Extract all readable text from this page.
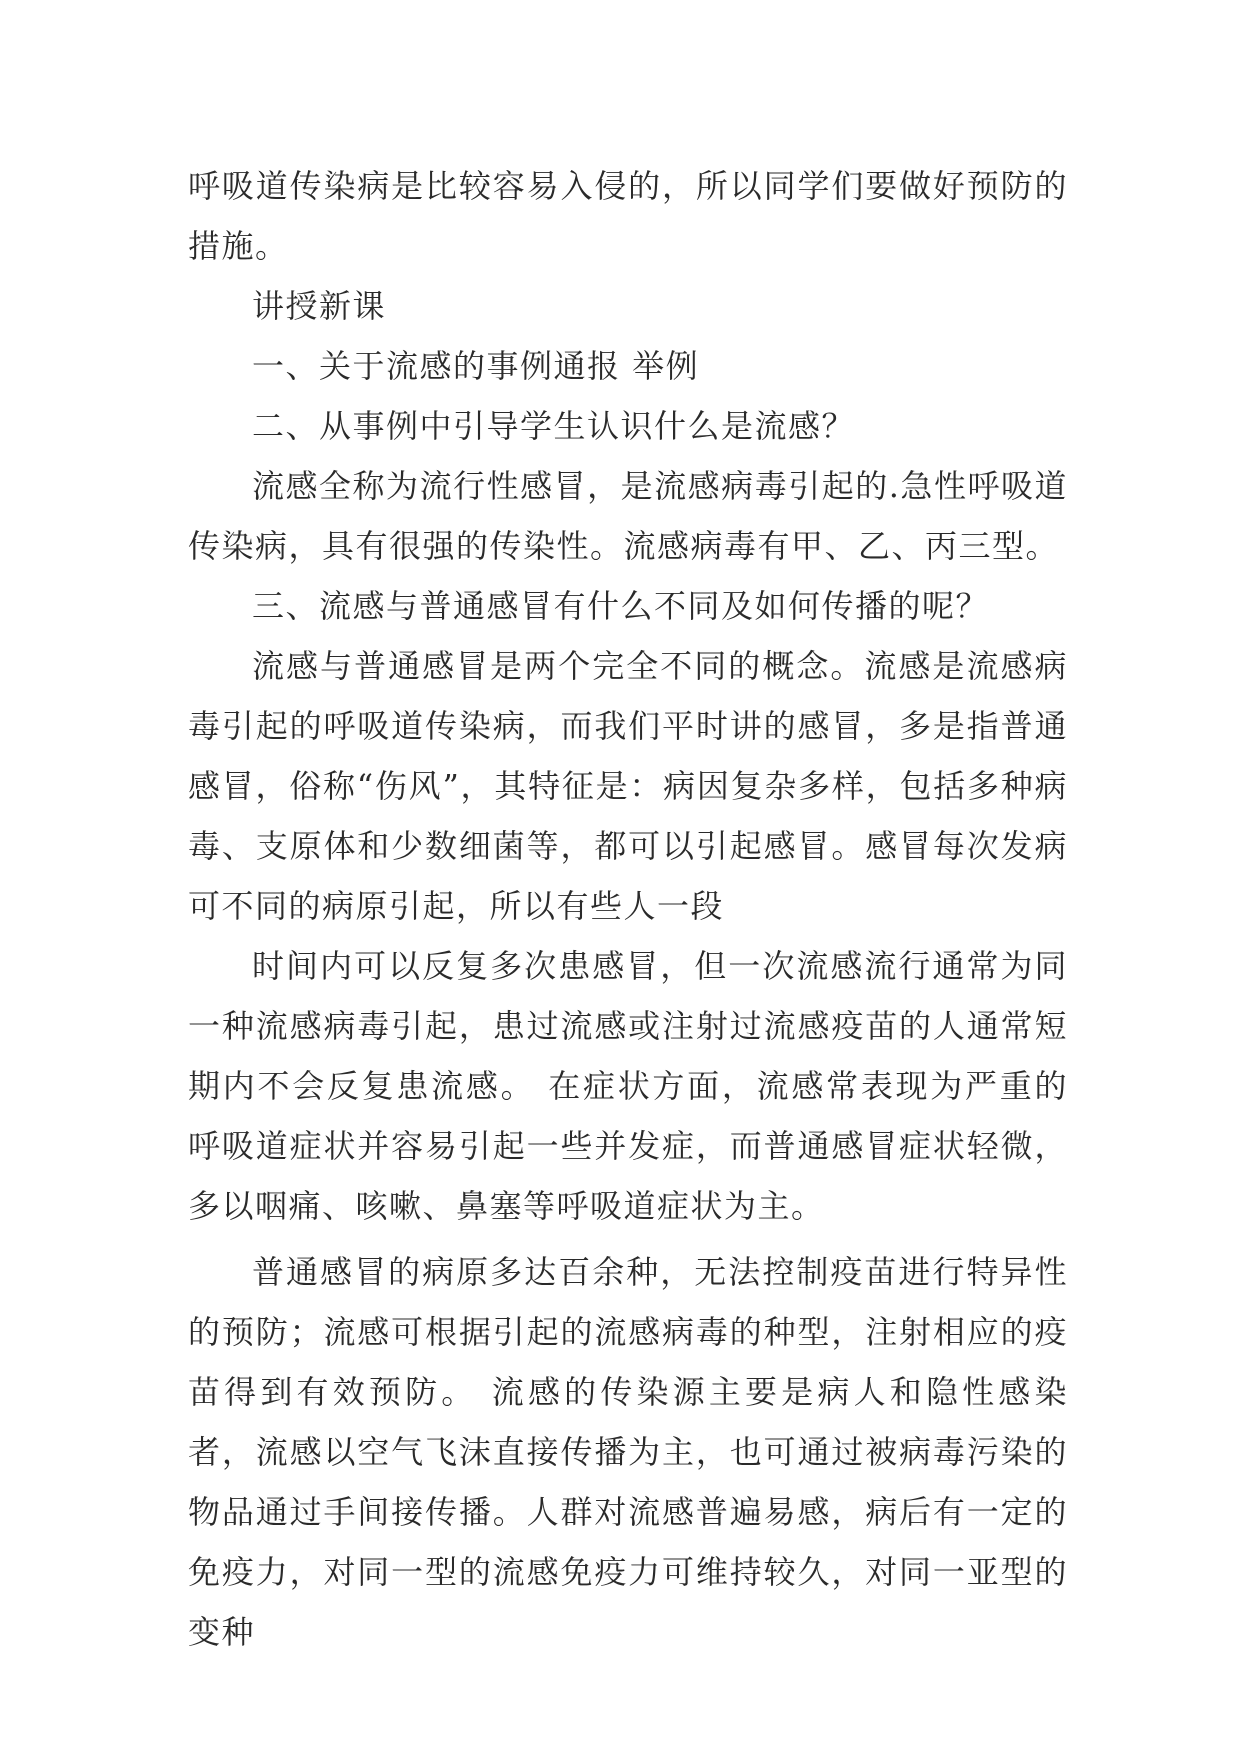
呼吸道传染病是比较容易入侵的，所以同学们要做好预防的措施。

讲授新课

一、关于流感的事例通报 举例

二、从事例中引导学生认识什么是流感？

流感全称为流行性感冒，是流感病毒引起的.急性呼吸道传染病，具有很强的传染性。流感病毒有甲、乙、丙三型。

三、流感与普通感冒有什么不同及如何传播的呢？

流感与普通感冒是两个完全不同的概念。流感是流感病毒引起的呼吸道传染病，而我们平时讲的感冒，多是指普通感冒，俗称“伤风”，其特征是：病因复杂多样，包括多种病毒、支原体和少数细菌等，都可以引起感冒。感冒每次发病可不同的病原引起，所以有些人一段

时间内可以反复多次患感冒，但一次流感流行通常为同一种流感病毒引起，患过流感或注射过流感疫苗的人通常短期内不会反复患流感。 在症状方面，流感常表现为严重的呼吸道症状并容易引起一些并发症，而普通感冒症状轻微，多以咽痛、咳嗽、鼻塞等呼吸道症状为主。

普通感冒的病原多达百余种，无法控制疫苗进行特异性的预防；流感可根据引起的流感病毒的种型，注射相应的疫苗得到有效预防。 流感的传染源主要是病人和隐性感染者，流感以空气飞沫直接传播为主，也可通过被病毒污染的物品通过手间接传播。人群对流感普遍易感，病后有一定的免疫力，对同一型的流感免疫力可维持较久，对同一亚型的变种
